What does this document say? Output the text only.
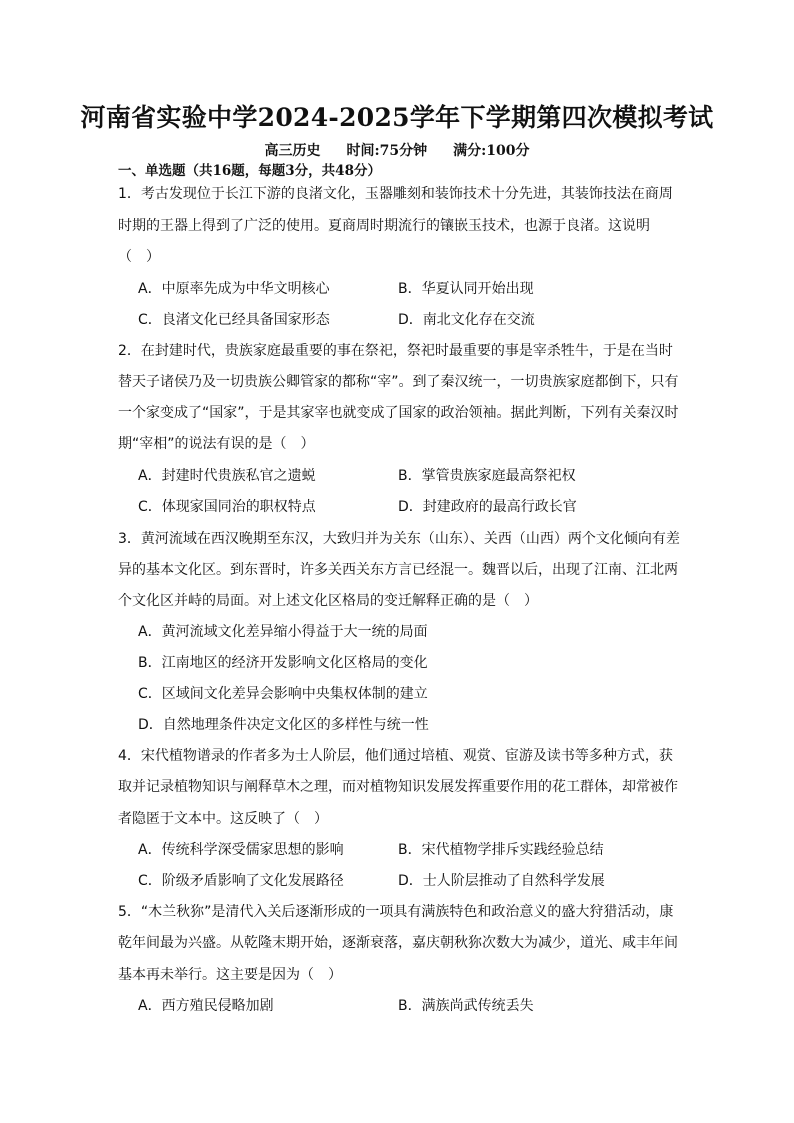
河南省实验中学2024-2025学年下学期第四次模拟考试
高三历史 时间:75分钟 满分:100分
一、单选题（共16题，每题3分，共48分）
1．考古发现位于长江下游的良渚文化，玉器雕刻和装饰技术十分先进，其装饰技法在商周
时期的王器上得到了广泛的使用。夏商周时期流行的镶嵌玉技术，也源于良渚。这说明
（　）
A．中原率先成为中华文明核心	B．华夏认同开始出现
C．良渚文化已经具备国家形态	D．南北文化存在交流
2．在封建时代，贵族家庭最重要的事在祭祀，祭祀时最重要的事是宰杀牲牛，于是在当时
替天子诸侯乃及一切贵族公卿管家的都称“宰”。到了秦汉统一，一切贵族家庭都倒下，只有
一个家变成了“国家”，于是其家宰也就变成了国家的政治领袖。据此判断，下列有关秦汉时
期“宰相”的说法有误的是（　）
A．封建时代贵族私官之遗蜕	B．掌管贵族家庭最高祭祀权
C．体现家国同治的职权特点	D．封建政府的最高行政长官
3．黄河流域在西汉晚期至东汉，大致归并为关东（山东）、关西（山西）两个文化倾向有差
异的基本文化区。到东晋时，许多关西关东方言已经混一。魏晋以后，出现了江南、江北两
个文化区并峙的局面。对上述文化区格局的变迁解释正确的是（　）
A．黄河流域文化差异缩小得益于大一统的局面
B．江南地区的经济开发影响文化区格局的变化
C．区域间文化差异会影响中央集权体制的建立
D．自然地理条件决定文化区的多样性与统一性
4．宋代植物谱录的作者多为士人阶层，他们通过培植、观赏、宦游及读书等多种方式，获
取并记录植物知识与阐释草木之理，而对植物知识发展发挥重要作用的花工群体，却常被作
者隐匿于文本中。这反映了（　）
A．传统科学深受儒家思想的影响	B．宋代植物学排斥实践经验总结
C．阶级矛盾影响了文化发展路径	D．士人阶层推动了自然科学发展
5．“木兰秋狝”是清代入关后逐渐形成的一项具有满族特色和政治意义的盛大狩猎活动，康
乾年间最为兴盛。从乾隆末期开始，逐渐衰落，嘉庆朝秋狝次数大为减少，道光、咸丰年间
基本再未举行。这主要是因为（　）
A．西方殖民侵略加剧	B．满族尚武传统丢失
